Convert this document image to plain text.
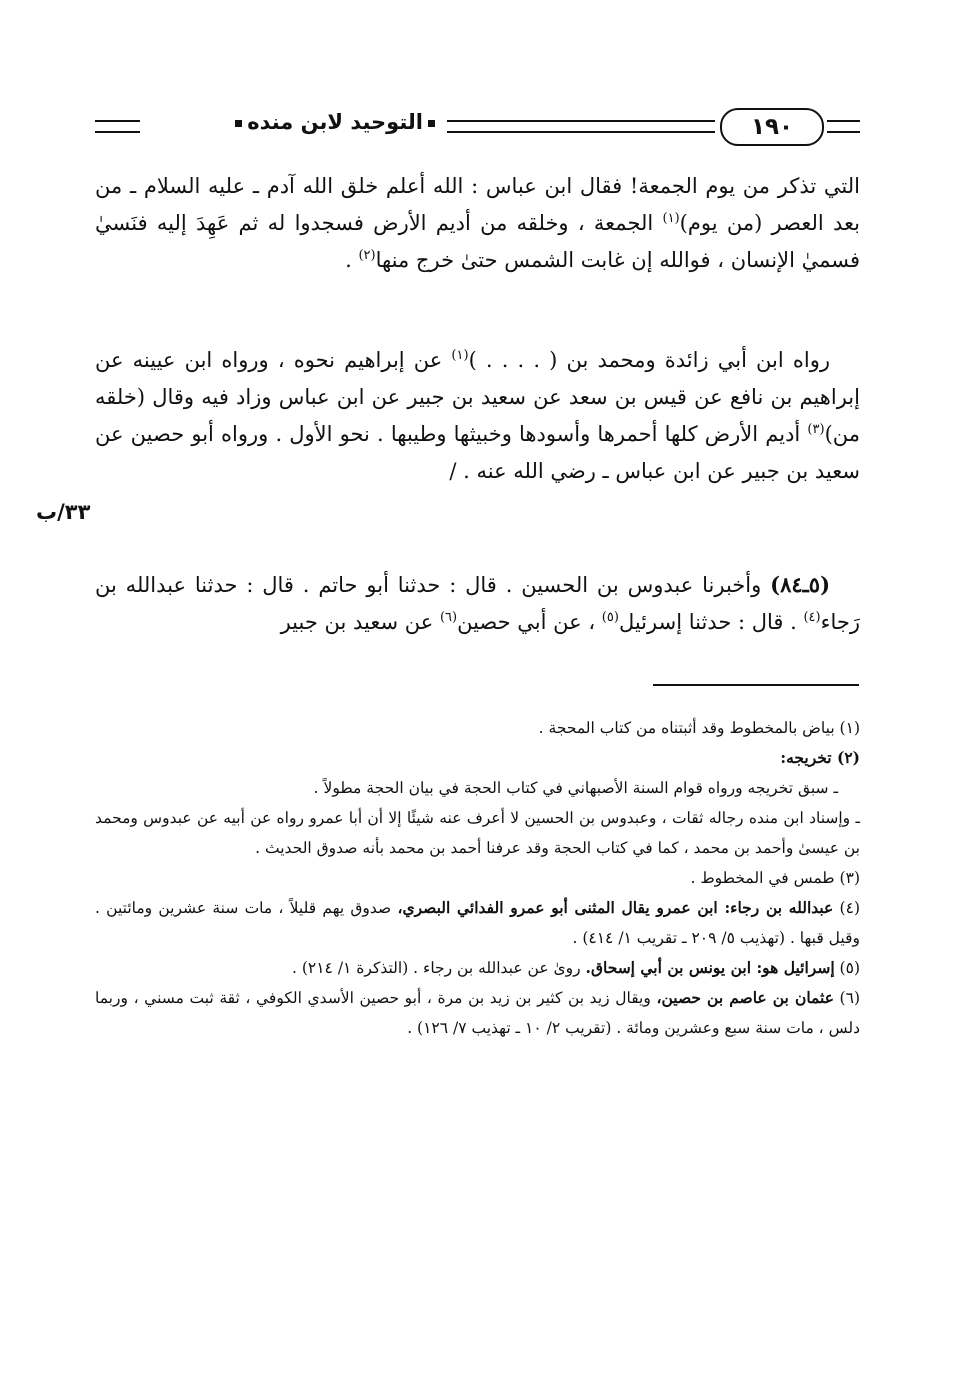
التوحيد لابن منده	١٩٠

التي تذكر من يوم الجمعة! فقال ابن عباس : الله أعلم خلق الله آدم ـ عليه السلام ـ من بعد العصر (من يوم)$^{(١)}$ الجمعة ، وخلقه من أديم الأرض فسجدوا له ثم عَهِدَ إليه فنَسيٰ فسميٰ الإنسان ، فوالله إن غابت الشمس حتىٰ خرج منها$^{(٢)}$ .

رواه ابن أبي زائدة ومحمد بن ( . . . . )$^{(١)}$ عن إبراهيم نحوه ، ورواه ابن عيينه عن إبراهيم بن نافع عن قيس بن سعد عن سعيد بن جبير عن ابن عباس وزاد فيه وقال (خلقه من)$^{(٣)}$ أديم الأرض كلها أحمرها وأسودها وخبيثها وطيبها . نحو الأول . ورواه أبو حصين عن سعيد بن جبير عن ابن عباس ـ رضي الله عنه . /

٣٣/ب

(٥ـ٨٤) وأخبرنا عبدوس بن الحسين . قال : حدثنا أبو حاتم . قال : حدثنا عبدالله بن رَجاء$^{(٤)}$ . قال : حدثنا إسرئيل$^{(٥)}$ ، عن أبي حصين$^{(٦)}$ عن سعيد بن جبير

(١) بياض بالمخطوط وقد أثبتناه من كتاب المحجة .

(٢) تخريجه:

ـ سبق تخريجه ورواه قوام السنة الأصبهاني في كتاب الحجة في بيان الحجة مطولاً .

ـ وإسناد ابن منده رجاله ثقات ، وعبدوس بن الحسين لا أعرف عنه شيئًا إلا أن أبا عمرو رواه عن أبيه عن عبدوس ومحمد بن عيسىٰ وأحمد بن محمد ، كما في كتاب الحجة وقد عرفنا أحمد بن محمد بأنه صدوق الحديث .

(٣) طمس في المخطوط .

(٤) عبدالله بن رجاء: ابن عمرو يقال المثنى أبو عمرو الفدائي البصري، صدوق يهم قليلاً ، مات سنة عشرين ومائتين . وقيل قبها . (تهذيب ٥/ ٢٠٩ ـ تقريب ١/ ٤١٤) .

(٥) إسرائيل هو: ابن يونس بن أبي إسحاق. روىٰ عن عبدالله بن رجاء . (التذكرة ١/ ٢١٤) .

(٦) عثمان بن عاصم بن حصين، ويقال زيد بن كثير بن زيد بن مرة ، أبو حصين الأسدي الكوفي ، ثقة ثبت مسني ، وربما دلس ، مات سنة سبع وعشرين ومائة . (تقريب ٢/ ١٠ ـ تهذيب ٧/ ١٢٦) .
